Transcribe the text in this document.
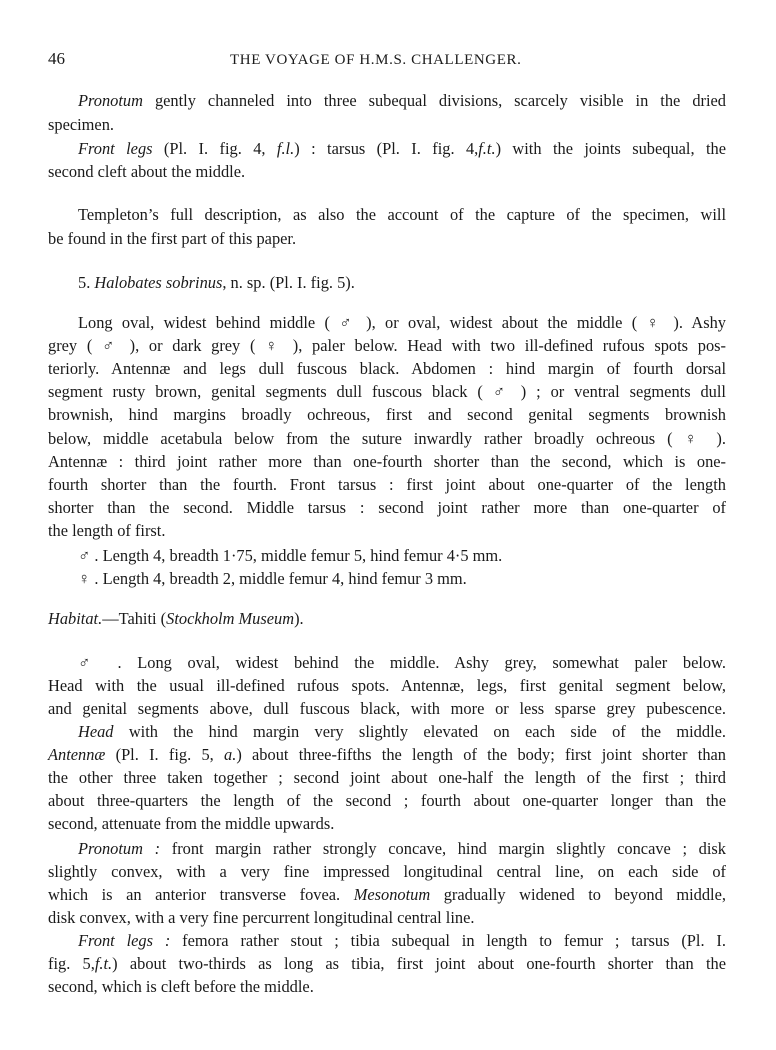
46	THE VOYAGE OF H.M.S. CHALLENGER.
Pronotum gently channeled into three subequal divisions, scarcely visible in the dried
specimen.
Front legs (Pl. I. fig. 4, f.l.) : tarsus (Pl. I. fig. 4,f.t.) with the joints subequal, the
second cleft about the middle.
Templeton’s full description, as also the account of the capture of the specimen, will
be found in the first part of this paper.
5. Halobates sobrinus, n. sp. (Pl. I. fig. 5).
Long oval, widest behind middle ( ♂ ), or oval, widest about the middle ( ♀ ). Ashy
grey ( ♂ ), or dark grey ( ♀ ), paler below. Head with two ill-defined rufous spots pos-
teriorly. Antennæ and legs dull fuscous black. Abdomen : hind margin of fourth dorsal
segment rusty brown, genital segments dull fuscous black ( ♂ ) ; or ventral segments dull
brownish, hind margins broadly ochreous, first and second genital segments brownish
below, middle acetabula below from the suture inwardly rather broadly ochreous ( ♀ ).
Antennæ : third joint rather more than one-fourth shorter than the second, which is one-
fourth shorter than the fourth. Front tarsus : first joint about one-quarter of the length
shorter than the second. Middle tarsus : second joint rather more than one-quarter of
the length of first.
♂ . Length 4, breadth 1·75, middle femur 5, hind femur 4·5 mm.
♀ . Length 4, breadth 2, middle femur 4, hind femur 3 mm.
Habitat.—Tahiti (Stockholm Museum).
♂ . Long oval, widest behind the middle. Ashy grey, somewhat paler below.
Head with the usual ill-defined rufous spots. Antennæ, legs, first genital segment below,
and genital segments above, dull fuscous black, with more or less sparse grey pubescence.
Head with the hind margin very slightly elevated on each side of the middle.
Antennæ (Pl. I. fig. 5, a.) about three-fifths the length of the body; first joint shorter than
the other three taken together ; second joint about one-half the length of the first ; third
about three-quarters the length of the second ; fourth about one-quarter longer than the
second, attenuate from the middle upwards.
Pronotum : front margin rather strongly concave, hind margin slightly concave ; disk
slightly convex, with a very fine impressed longitudinal central line, on each side of
which is an anterior transverse fovea. Mesonotum gradually widened to beyond middle,
disk convex, with a very fine percurrent longitudinal central line.
Front legs : femora rather stout ; tibia subequal in length to femur ; tarsus (Pl. I.
fig. 5,f.t.) about two-thirds as long as tibia, first joint about one-fourth shorter than the
second, which is cleft before the middle.
